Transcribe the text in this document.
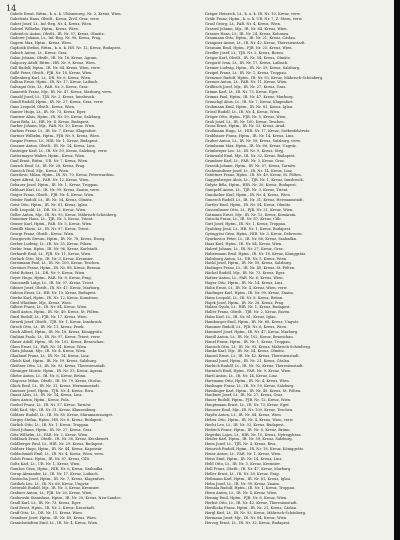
14
Gabele Ernst, Rittm., k. u. k. Uhlanenreg. Nr. 3, Kreuz, Wien.
Gabelentz Hans, Obstlt., Kreuz, Zivil, Graz, verw.
Gaber Josef, Lt., Inf.-Reg. Nr. 4, Kreuz, Wien.
Gabriel Wilhelm, Hptm., Kreuz, Wien.
Gabrielcic Anton, Obstlt., IR. Nr. 57, Kreuz, Olmütz.
Gaderer Johann, Lt., Inf.-Reg. Nr. 98, Kreuz, Prag.
Gagern Max, Hptm., Kreuz, Wien.
Gajdosik Stefan, Rittm., k. u. k. HR. Nr. 12, Kreuz, Budapest.
Gaksch Anton, Lt., Kreuz, Graz.
Galan Johann, Obstlt., IR. Nr. 16, Kreuz, Agram.
Galgoczy Adolf, Rittm., HR. Nr. 9, Kreuz, Wien.
Gall Rudolf, Hptm., IR. Nr. 84, Kreuz, Wien, verw.
Gallé Peter, Obstlt., FJB. Nr. 18, Kreuz, Wien.
Gallenberg Karl, Lt., DR. Nr. 6, Kreuz, Wien.
Gallina Ernst, Hptm., IR. Nr. 17, Kreuz, Laibach.
Galvagni Otto, Lt., FAR. Nr. 3, Kreuz, Graz.
Gamerith Franz, Mjr., IR. Nr. 47, Kreuz, Marburg, verw.
Ganahl Josef, Lt., TJR. Nr. 2, Kreuz, Innsbruck.
Gandl Rudolf, Hptm., IR. Nr. 27, Kreuz, Graz, verw.
Gans Leopold, Obstlt., Kreuz, Wien.
Ganser Hugo, Lt., IR. Nr. 73, Kreuz, Eger.
Gantner Alois, Hptm., IR. Nr. 59, Kreuz, Salzburg.
Garai Béla, Lt., HR. Nr. 4, Kreuz, Budapest.
Garber Johann, Mjr., FAR. Nr. 10, Kreuz, Wien.
Garbeis Franz, Lt., IR. Nr. 7, Kreuz, Klagenfurt.
Gartner Wilhelm, Hptm., FJB. Nr. 9, Kreuz, Wien.
Gaspar Ferenc, Lt., HIR. Nr. 1, Kreuz, Budapest.
Gassner Anton, Obstlt., IR. Nr. 14, Kreuz, Linz.
Gasteiger Karl, Lt., IR. Nr. 59, Kreuz, Salzburg, verw.
Gattermayer Walter, Hptm., Kreuz, Wien.
Gaul Ernst, Rittm., UR. Nr. 7, Kreuz, Wien.
Gausch Emil, Lt., IR. Nr. 28, Kreuz, Prag.
Gautsch Paul, Mjr., Kreuz, Wien.
Gavrilovic Milan, Hptm., IR. Nr. 70, Kreuz, Peterwardein.
Gayer Alfred, Lt., FAR. Nr. 12, Kreuz, Wien.
Gebauer Josef, Hptm., IR. Nr. 1, Kreuz, Troppau.
Gebhart Karl, Lt., IR. Nr. 99, Kreuz, Znaim, verw.
Geiger Franz, Obstlt., FJB. Nr. 4, Kreuz, Wien.
Geisler Rudolf, Lt., IR. Nr. 54, Kreuz, Olmütz.
Geist Otto, Hptm., IR. Nr. 81, Kreuz, Iglau.
Gelb Leopold, Lt., DR. Nr. 2, Kreuz, Wien.
Geller Anton, Mjr., IR. Nr. 93, Kreuz, Mährisch-Schönberg.
Gemeiner Hans, Lt., TJR. Nr. 3, Kreuz, Trient.
Genser Karl, Hptm., FAR. Nr. 5, Kreuz, Wien.
Gentilli Mario, Lt., IR. Nr. 97, Kreuz, Triest.
Georgi Franz, Obstlt., Kreuz, Wien.
Georgievits Stevan, Hptm., IR. Nr. 78, Kreuz, Esseg.
Gerber Ludwig, Lt., IR. Nr. 35, Kreuz, Pilsen.
Gerbic Ivan, Hptm., IR. Nr. 96, Kreuz, Karlstadt.
Gerhardt Emil, Lt., FJB. Nr. 11, Kreuz, Wien.
Gerlach Otto, Mjr., IR. Nr. 3, Kreuz, Kremsier.
Gerstmann Paul, Lt., IR. Nr. 100, Kreuz, Teschen.
Gerstner Franz, Hptm., IR. Nr. 88, Kreuz, Beraun.
Getzl Robert, Lt., DR. Nr. 9, Kreuz, Wien.
Geyer Hugo, Hptm., FAR. Nr. 8, Kreuz, Prag.
Giacomelli Luigi, Lt., IR. Nr. 97, Kreuz, Triest.
Gibiser Josef, Obstlt., IR. Nr. 47, Kreuz, Marburg.
Gideon Ernst, Lt., HR. Nr. 10, Kreuz, Budapest.
Gierke Karl, Hptm., IR. Nr. 12, Kreuz, Komárom.
Giesl Wladimir, Mjr., Kreuz, Wien.
Gilbert Franz, Lt., IR. Nr. 84, Kreuz, Wien.
Gindl Anton, Hptm., IR. Nr. 49, Kreuz, St. Pölten.
Ginzl Rudolf, Lt., FJB. Nr. 17, Kreuz, Wien.
Girardi Josef, Obstlt., TJR. Nr. 1, Kreuz, Innsbruck.
Girsch Otto, Lt., IR. Nr. 11, Kreuz, Pisek.
Gisch Alfred, Hptm., IR. Nr. 18, Kreuz, Königgrätz.
Giuliani Paolo, Lt., IR. Nr. 97, Kreuz, Triest, verw.
Glaser Adolf, Hptm., IR. Nr. 102, Kreuz, Beneschau.
Glass Ernst, Lt., FAR. Nr. 14, Kreuz, Wien.
Glatz Johann, Mjr., IR. Nr. 4, Kreuz, Wien.
Glaubauf Franz, Lt., IR. Nr. 14, Kreuz, Linz.
Gleich Karl, Hptm., IR. Nr. 59, Kreuz, Salzburg.
Gleißner Otto, Lt., IR. Nr. 92, Kreuz, Theresienstadt.
Glesinger Moritz, Hptm., IR. Nr. 53, Kreuz, Agram.
Gliebe Anton, Lt., IR. Nr. 8, Kreuz, Brünn.
Glogovac Milan, Obstlt., IR. Nr. 79, Kreuz, Otočac.
Glück Emil, Lt., IR. Nr. 31, Kreuz, Hermannstadt.
Gmeiner Josef, Hptm., TJR. Nr. 4, Kreuz, Riva.
Gnant Alois, Lt., IR. Nr. 14, Kreuz, Linz.
Gnirs Anton, Hptm., Kreuz, Pola.
Goebel Franz, Lt., IR. Nr. 57, Kreuz, Tarnów.
Göbl Karl, Mjr., IR. Nr. 51, Kreuz, Klausenburg.
Göldner Rudolf, Lt., IR. Nr. 85, Kreuz, Máramarossziget.
Görgey Stefan, Hptm., HR. Nr. 6, Kreuz, Budapest.
Görlich Otto, Lt., IR. Nr. 1, Kreuz, Troppau.
Gössl Johann, Hptm., IR. Nr. 27, Kreuz, Graz.
Götz Wilhelm, Lt., FAR. Nr. 2, Kreuz, Wien.
Goldbach Ernst, Obstlt., IR. Nr. 38, Kreuz, Kecskemét.
Goldberger Paul, Lt., HIR. Nr. 29, Kreuz, Budapest.
Goldner Hugo, Hptm., IR. Nr. 44, Kreuz, Kaposvár.
Goldschmidt Emil, Lt., IR. Nr. 4, Kreuz, Wien, verw.
Golob Franz, Hptm., IR. Nr. 87, Kreuz, Cilli.
Goltz Karl, Lt., UR. Nr. 1, Kreuz, Wien.
Gombos Géza, Hptm., HIR. Nr. 6, Kreuz, Szabadka.
Gorup Alexander, Lt., IR. Nr. 17, Kreuz, Laibach.
Gostischa Josef, Hptm., IR. Nr. 7, Kreuz, Klagenfurt.
Gottlieb Leo, Lt., IR. Nr. 66, Kreuz, Ungvár.
Gottwald Rudolf, Mjr., IR. Nr. 3, Kreuz, Kremsier.
Grabner Anton, Lt., FJB. Nr. 20, Kreuz, Wien.
Grabowski Stanislaus, Hptm., IR. Nr. 20, Kreuz, Neu-Sandec.
Gradl Karl, Lt., IR. Nr. 73, Kreuz, Eger.
Graf Ernst, Hptm., IR. Nr. 2, Kreuz, Kronstadt.
Graff Otto, Lt., DR. Nr. 11, Kreuz, Wien.
Grandner Josef, Hptm., IR. Nr. 49, Kreuz, Wien.
Granichstädten Emil, Lt., IR. Nr. 4, Kreuz, Wien.
Gräger Heinrich, Lt., k. u. k. IR. Nr. 10, Kreuz, verw.
Gräfe Franz, Hptm., k. u. k. UR. Nr. 7, Z. Stern, verw.
Grasl Georg, Lt., FAR. Nr. 4, Kreuz, Wien.
Grassel Johann, Mjr., IR. Nr. 84, Kreuz, Wien.
Grasser Hans, Lt., IR. Nr. 24, Kreuz, Kolomea.
Graumann Otto, Hptm., IR. Nr. 21, Kreuz, Čáslau.
Graupner Anton, Lt., IR. Nr. 42, Kreuz, Theresienstadt.
Grausam Emil, Hptm., FJB. Nr. 25, Kreuz, Wien.
Gredler Josef, Lt., TJR. Nr. 2, Kreuz, Bozen.
Gregor Karl, Obstlt., IR. Nr. 54, Kreuz, Olmütz.
Gregorič Ivan, Lt., IR. Nr. 17, Kreuz, Laibach.
Greiner Ludwig, Hptm., IR. Nr. 59, Kreuz, Salzburg.
Greipel Franz, Lt., IR. Nr. 1, Kreuz, Troppau.
Grenzner Rudolf, Hptm., IR. Nr. 93, Kreuz, Mährisch-Schönberg.
Gresser Anton, Lt., FAR. Nr. 11, Kreuz, Wien.
Grillitsch Josef, Mjr., IR. Nr. 27, Kreuz, Graz.
Grimm Karl, Lt., IR. Nr. 73, Kreuz, Eger.
Grimus Paul, Hptm., IR. Nr. 47, Kreuz, Marburg.
Grinschgl Alois, Lt., IR. Nr. 7, Kreuz, Klagenfurt.
Grobmann Emil, Hptm., IR. Nr. 81, Kreuz, Iglau.
Grössl Rudolf, Lt., IR. Nr. 4, Kreuz, Wien.
Gröger Otto, Hptm., FJB. Nr. 5, Kreuz, Wien.
Groh Josef, Lt., IR. Nr. 100, Kreuz, Teschen.
Gross Ernst, Hptm., IR. Nr. 33, Kreuz, Arad.
Großmann Hugo, Lt., HIR. Nr. 17, Kreuz, Székesfehérvár.
Grubbauer Franz, Hptm., IR. Nr. 14, Kreuz, Linz.
Gruber Anton, Lt., IR. Nr. 59, Kreuz, Salzburg, verw.
Grünbaum Max, Hptm., IR. Nr. 66, Kreuz, Ungvár.
Grünberger Leo, Lt., IR. Nr. 9, Kreuz, Stryj.
Grünwald Emil, Mjr., IR. Nr. 32, Kreuz, Budapest.
Grundner Karl, Lt., FAR. Nr. 3, Kreuz, Graz.
Grzesik Johann, Hptm., IR. Nr. 57, Kreuz, Tarnów.
Gschwandtner Josef, Lt., IR. Nr. 14, Kreuz, Linz.
Gstettner Franz, Hptm., IR. Nr. 49, Kreuz, St. Pölten.
Guggenberger Alois, Lt., TJR. Nr. 1, Kreuz, Innsbruck.
Gulyás Béla, Hptm., HIR. Nr. 30, Kreuz, Budapest.
Gumpold Anton, Lt., TJR. Nr. 3, Kreuz, Trient.
Gundacker Karl, Hptm., IR. Nr. 4, Kreuz, Wien.
Gunesch Rudolf, Lt., IR. Nr. 31, Kreuz, Hermannstadt.
Gurtler Emil, Hptm., IR. Nr. 54, Kreuz, Olmütz.
Gussenbauer Otto, Lt., FJB. Nr. 21, Kreuz, Wien.
Gutmann Ernst, Mjr., IR. Nr. 12, Kreuz, Komárom.
Gutschi Franz, Lt., IR. Nr. 87, Kreuz, Cilli.
Gutt Josef, Hptm., IR. Nr. 1, Kreuz, Troppau.
Gyalokay Jenő, Lt., HR. Nr. 1, Kreuz, Budapest.
Gyöngyösi Géza, Hptm., HIR. Nr. 3, Kreuz, Debrecen.
Gyurkovics Péter, Lt., IR. Nr. 86, Kreuz, Szabadka.
Haas Karl, Hptm., IR. Nr. 84, Kreuz, Wien.
Haberl Johann, Lt., IR. Nr. 27, Kreuz, Graz.
Habermann Emil, Hptm., IR. Nr. 18, Kreuz, Königgrätz.
Habsburg Anton, Lt., DR. Nr. 5, Kreuz, Wien.
Hackl Josef, Hptm., IR. Nr. 59, Kreuz, Salzburg.
Hadinger Franz, Lt., IR. Nr. 49, Kreuz, St. Pölten.
Häckel Rudolf, Mjr., IR. Nr. 73, Kreuz, Eger.
Hafner Anton, Lt., FAR. Nr. 6, Kreuz, Wien.
Hager Otto, Hptm., IR. Nr. 14, Kreuz, Linz.
Hahn Ernst, Lt., IR. Nr. 4, Kreuz, Wien, verw.
Haidinger Karl, Hptm., IR. Nr. 99, Kreuz, Znaim.
Haim Leopold, Lt., IR. Nr. 8, Kreuz, Brünn.
Hajek Josef, Hptm., IR. Nr. 28, Kreuz, Prag.
Halász Gyula, Lt., HIR. Nr. 1, Kreuz, Budapest.
Haller Franz, Obstlt., TJR. Nr. 2, Kreuz, Bozen.
Halm Karl, Lt., IR. Nr. 81, Kreuz, Iglau.
Hamburger Emil, Hptm., IR. Nr. 66, Kreuz, Ungvár.
Hammer Rudolf, Lt., FJB. Nr. 6, Kreuz, Wien.
Hammerl Josef, Hptm., IR. Nr. 47, Kreuz, Marburg.
Handl Anton, Lt., IR. Nr. 102, Kreuz, Beneschau.
Hanel Franz, Hptm., IR. Nr. 1, Kreuz, Troppau.
Hanisch Otto, Lt., IR. Nr. 93, Kreuz, Mährisch-Schönberg.
Hanke Karl, Mjr., IR. Nr. 54, Kreuz, Olmütz.
Hansel Ernst, Lt., IR. Nr. 42, Kreuz, Theresienstadt.
Hanzal Josef, Hptm., IR. Nr. 21, Kreuz, Čáslau.
Harbich Rudolf, Lt., IR. Nr. 92, Kreuz, Theresienstadt.
Harnisch Emil, Hptm., FAR. Nr. 9, Kreuz, Wien.
Hartl Anton, Lt., IR. Nr. 14, Kreuz, Linz.
Hartmann Otto, Hptm., IR. Nr. 4, Kreuz, Wien.
Haslinger Franz, Lt., IR. Nr. 59, Kreuz, Salzburg.
Hasslinger Karl, Hptm., IR. Nr. 49, Kreuz, St. Pölten.
Haubner Josef, Lt., IR. Nr. 27, Kreuz, Graz.
Hauer Rudolf, Hptm., FJB. Nr. 12, Kreuz, Wien.
Hauptmann Ernst, Lt., IR. Nr. 73, Kreuz, Eger.
Hausner Emil, Mjr., IR. Nr. 100, Kreuz, Teschen.
Haydn Anton, Lt., IR. Nr. 84, Kreuz, Wien.
Hebra Otto, Hptm., IR. Nr. 4, Kreuz, Wien, verw.
Hecht Leo, Lt., IR. Nr. 32, Kreuz, Budapest.
Hedrich Franz, Hptm., IR. Nr. 8, Kreuz, Brünn.
Hegedüs Lajos, Lt., HIR. Nr. 10, Kreuz, Nyíregyháza.
Heider Karl, Hptm., IR. Nr. 59, Kreuz, Salzburg.
Heim Josef, Lt., TJR. Nr. 4, Kreuz, Riva.
Heinrich Rudolf, Hptm., IR. Nr. 18, Kreuz, Königgrätz.
Heinz Anton, Lt., FAR. Nr. 1, Kreuz, Wien.
Heiss Emil, Hptm., IR. Nr. 14, Kreuz, Linz.
Held Otto, Lt., IR. Nr. 3, Kreuz, Kremsier.
Hell Franz, Obstlt., IR. Nr. 47, Kreuz, Marburg.
Heller Ernst, Lt., IR. Nr. 28, Kreuz, Prag.
Hellmann Karl, Hptm., IR. Nr. 81, Kreuz, Iglau.
Helm Josef, Lt., IR. Nr. 99, Kreuz, Znaim.
Hemala Rudolf, Hptm., IR. Nr. 1, Kreuz, Troppau.
Henn Anton, Lt., IR. Nr. 4, Kreuz, Wien.
Hennig Emil, Hptm., FJB. Nr. 8, Kreuz, Wien.
Herbst Otto, Lt., IR. Nr. 42, Kreuz, Theresienstadt.
Herdlicka Franz, Hptm., IR. Nr. 21, Kreuz, Čáslau.
Hergl Karl, Lt., IR. Nr. 93, Kreuz, Mährisch-Schönberg.
Hermann Josef, Mjr., IR. Nr. 84, Kreuz, Wien.
Herzog Ernst, Lt., IR. Nr. 32, Kreuz, Budapest.
